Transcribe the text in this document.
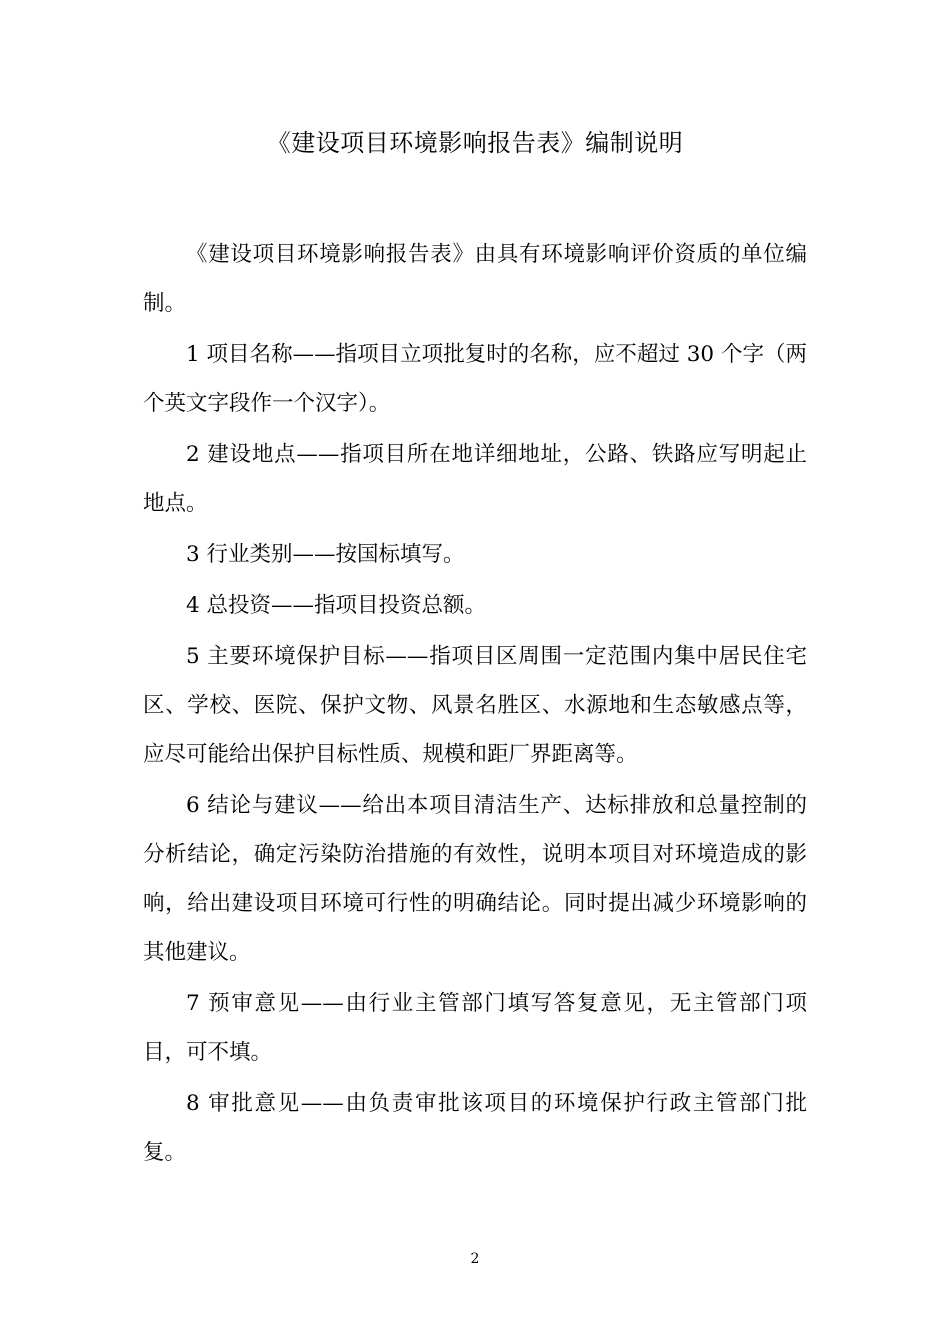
《建设项目环境影响报告表》编制说明

《建设项目环境影响报告表》由具有环境影响评价资质的单位编制。

1 项目名称——指项目立项批复时的名称，应不超过 30 个字（两个英文字段作一个汉字）。

2 建设地点——指项目所在地详细地址，公路、铁路应写明起止地点。

3 行业类别——按国标填写。

4 总投资——指项目投资总额。

5 主要环境保护目标——指项目区周围一定范围内集中居民住宅区、学校、医院、保护文物、风景名胜区、水源地和生态敏感点等，应尽可能给出保护目标性质、规模和距厂界距离等。

6 结论与建议——给出本项目清洁生产、达标排放和总量控制的分析结论，确定污染防治措施的有效性，说明本项目对环境造成的影响，给出建设项目环境可行性的明确结论。同时提出减少环境影响的其他建议。

7 预审意见——由行业主管部门填写答复意见，无主管部门项目，可不填。

8 审批意见——由负责审批该项目的环境保护行政主管部门批复。

2
